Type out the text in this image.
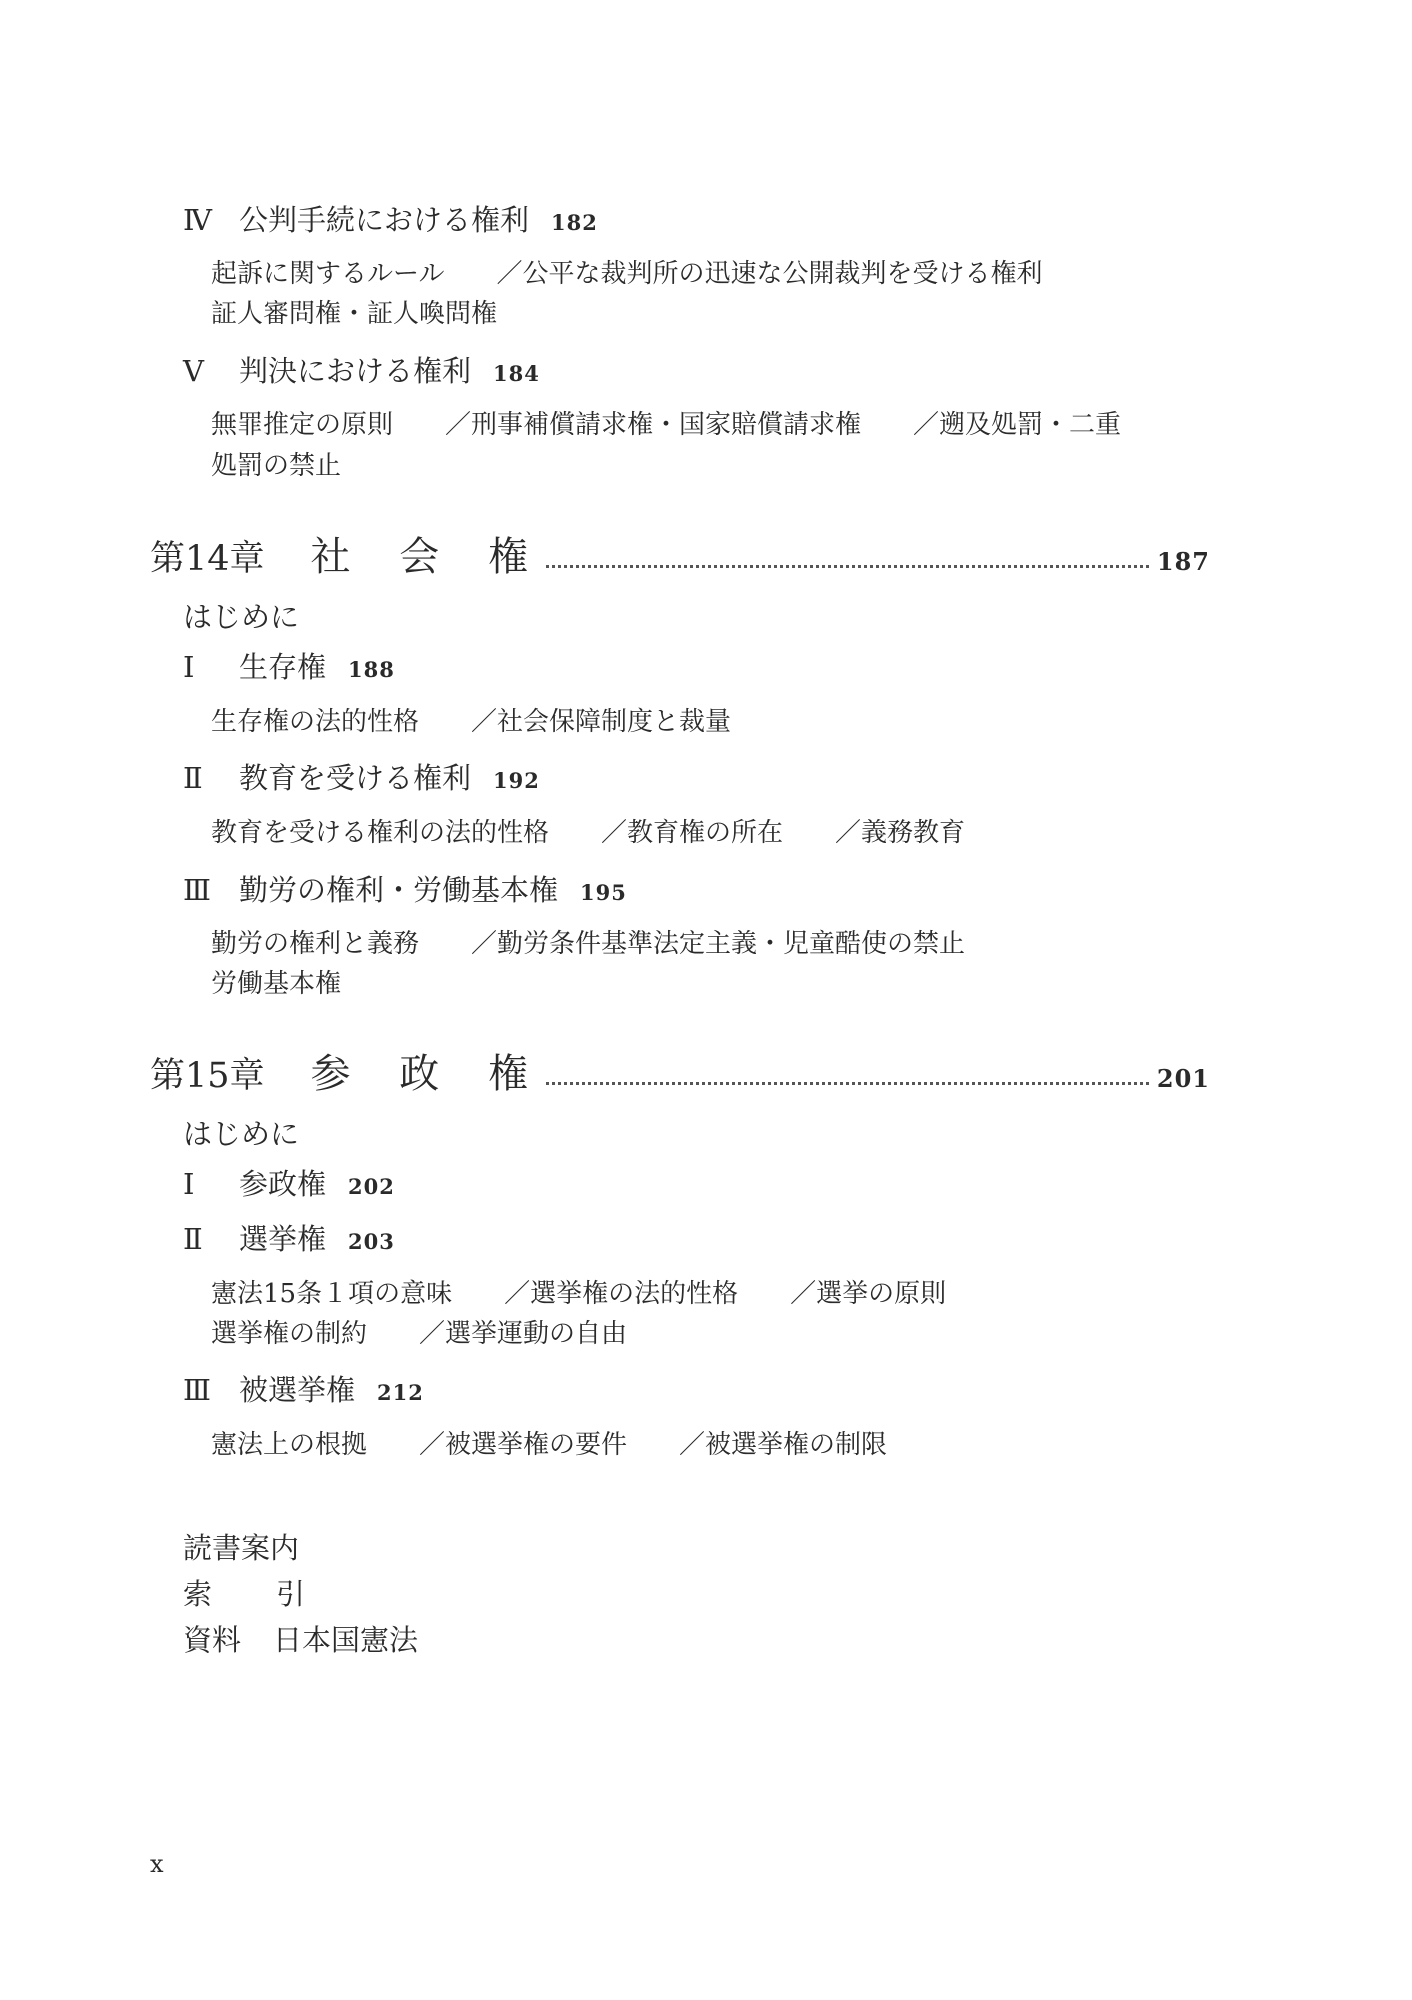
Ⅳ 公判手続における権利 182
起訴に関するルール ／公平な裁判所の迅速な公開裁判を受ける権利
証人審問権・証人喚問権
Ⅴ 判決における権利 184
無罪推定の原則 ／刑事補償請求権・国家賠償請求権 ／遡及処罰・二重
処罰の禁止
第14章 社 会 権	187
はじめに
Ⅰ 生存権 188
生存権の法的性格 ／社会保障制度と裁量
Ⅱ 教育を受ける権利 192
教育を受ける権利の法的性格 ／教育権の所在 ／義務教育
Ⅲ 勤労の権利・労働基本権 195
勤労の権利と義務 ／勤労条件基準法定主義・児童酷使の禁止
労働基本権
第15章 参 政 権	201
はじめに
Ⅰ 参政権 202
Ⅱ 選挙権 203
憲法15条１項の意味 ／選挙権の法的性格 ／選挙の原則
選挙権の制約 ／選挙運動の自由
Ⅲ 被選挙権 212
憲法上の根拠 ／被選挙権の要件 ／被選挙権の制限
読書案内
索 引
資料 日本国憲法
x
